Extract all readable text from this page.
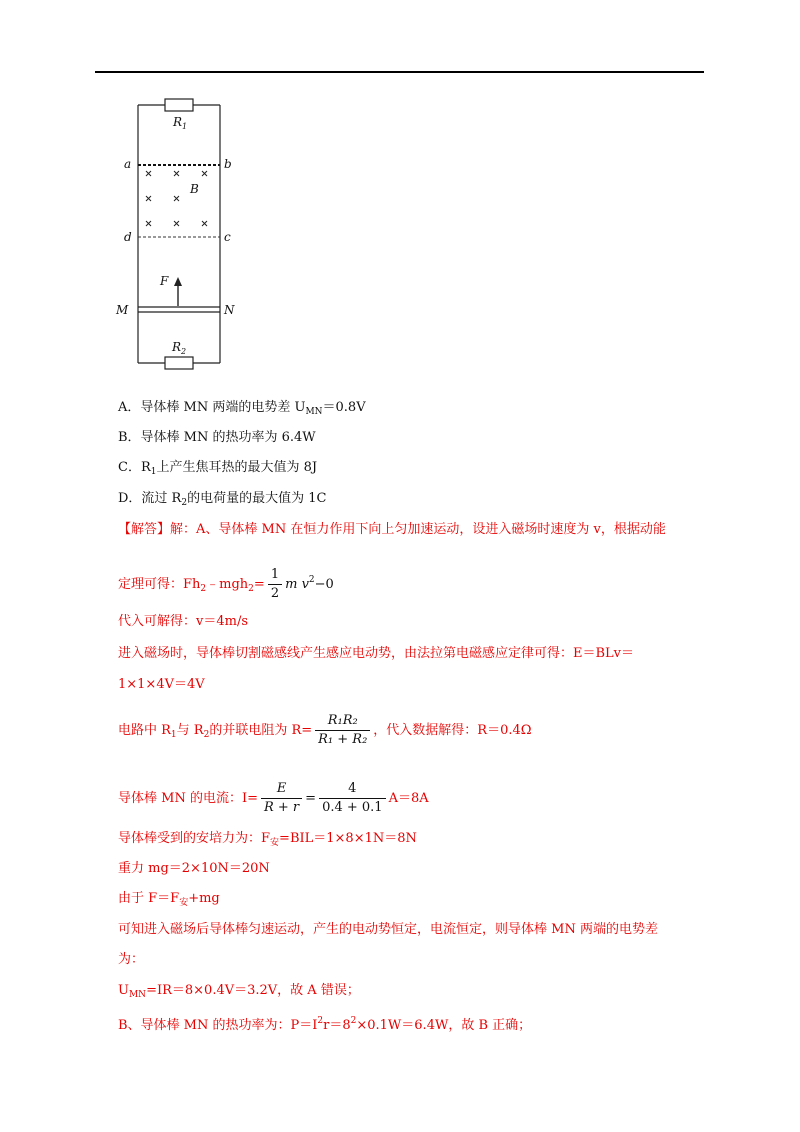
R 1
a	b
B
d	c
F
M	N
R 2
A．导体棒 MN 两端的电势差 $U_{MN}=0.8V$
B．导体棒 MN 的热功率为 6.4W
C．$R_1$上产生焦耳热的最大值为 8J
D．流过 $R_2$的电荷量的最大值为 1C
【解答】解：A、导体棒 MN 在恒力作用下向上匀加速运动，设进入磁场时速度为 v，根据动能
定理可得：$Fh_2﹣mgh_2= \frac{1}{2}$ m $v^2-0$
代入可解得：v＝4m/s
进入磁场时，导体棒切割磁感线产生感应电动势，由法拉第电磁感应定律可得：E＝BLv＝
1×1×4V＝4V
电路中 $R_1$与 $R_2$的并联电阻为 $R= \frac{\text{R₁R₂}}{\text{R₁ + R₂}}$ ，代入数据解得：R＝0.4Ω
导体棒 MN 的电流：$I= \frac{E}{R + r} = \frac{4}{0.4 + 0.1} A=8A$
导体棒受到的安培力为：$F_安=BIL=1\times 8\times 1N=8N$
重力 mg＝2×10N＝20N
由于 $F=F_安+mg$
可知进入磁场后导体棒匀速运动，产生的电动势恒定，电流恒定，则导体棒 MN 两端的电势差
为：
$U_{MN}=IR=8\times 0.4V=3.2V$，故 A 错误；
B、导体棒 MN 的热功率为：$P=I^2r=8^2\times 0.1W=6.4W$，故 B 正确；
